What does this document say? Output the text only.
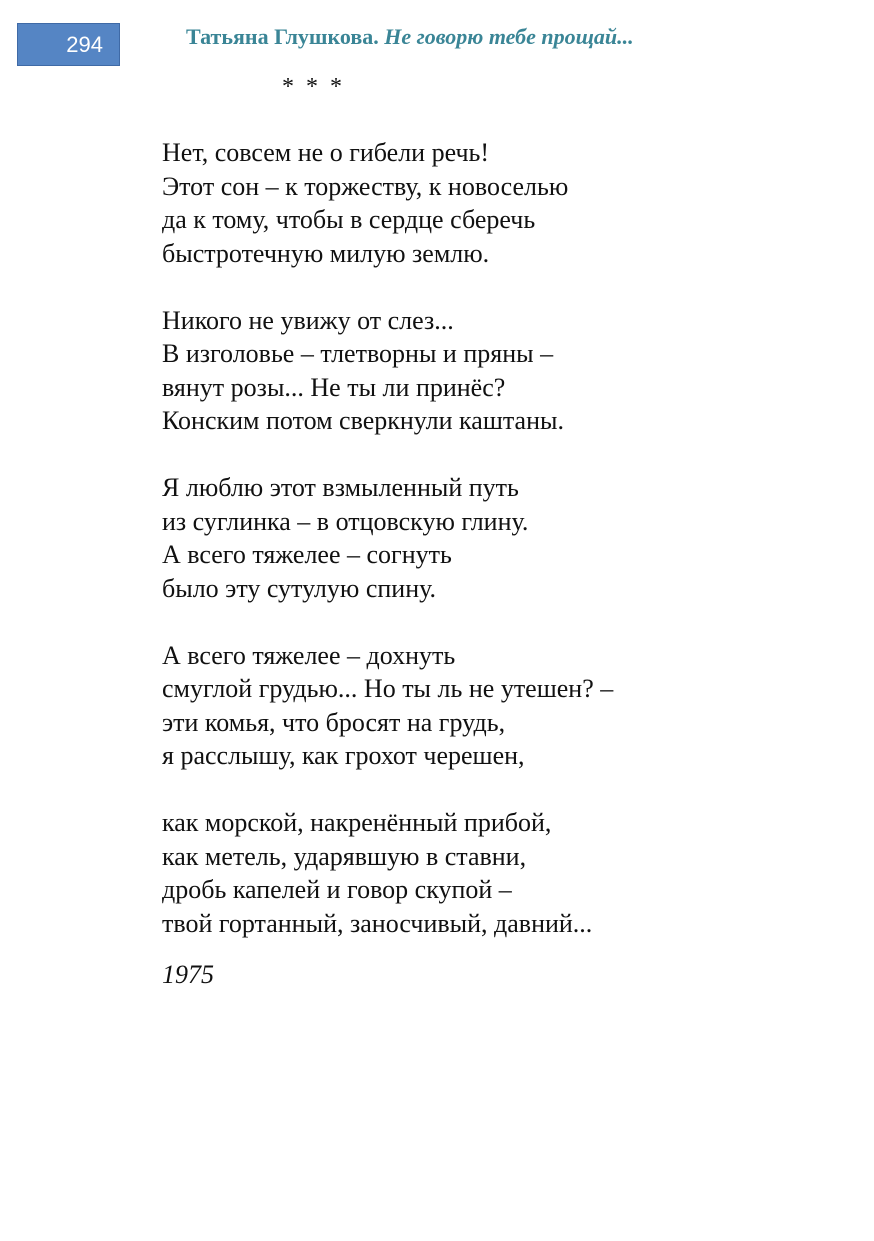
294	Татьяна Глушкова. Не говорю тебе прощай...
* * *
Нет, совсем не о гибели речь!
Этот сон – к торжеству, к новоселью
да к тому, чтобы в сердце сберечь
быстротечную милую землю.
Никого не увижу от слез...
В изголовье – тлетворны и пряны –
вянут розы... Не ты ли принёс?
Конским потом сверкнули каштаны.
Я люблю этот взмыленный путь
из суглинка – в отцовскую глину.
А всего тяжелее – согнуть
было эту сутулую спину.
А всего тяжелее – дохнуть
смуглой грудью... Но ты ль не утешен? –
эти комья, что бросят на грудь,
я расслышу, как грохот черешен,
как морской, накренённый прибой,
как метель, ударявшую в ставни,
дробь капелей и говор скупой –
твой гортанный, заносчивый, давний...
1975
